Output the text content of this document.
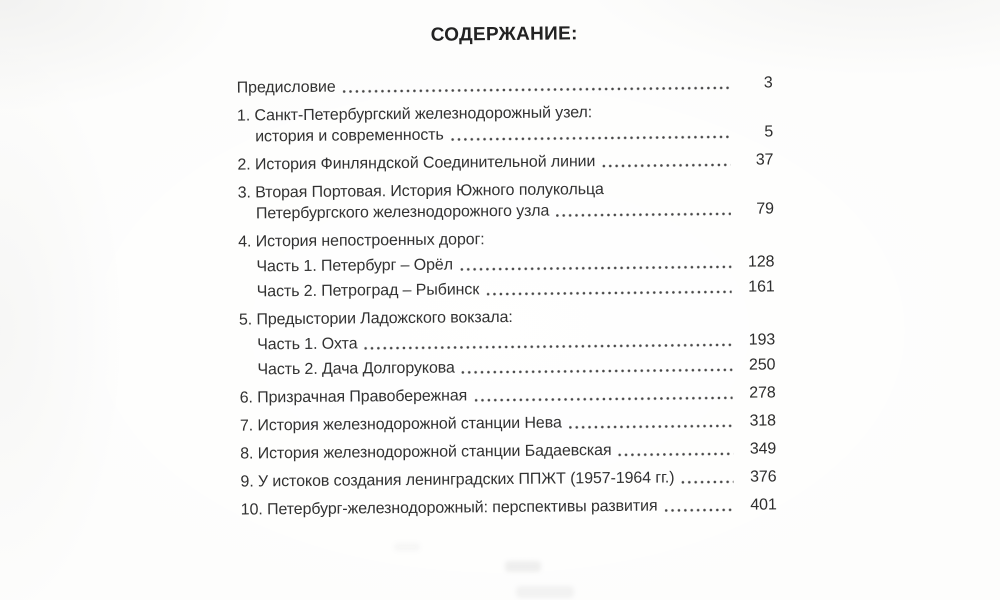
СОДЕРЖАНИЕ:
Предисловие	3
1. Санкт-Петербургский железнодорожный узел:
история и современность	5
2. История Финляндской Соединительной линии	37
3. Вторая Портовая. История Южного полукольца
Петербургского железнодорожного узла	79
4. История непостроенных дорог:
Часть 1. Петербург – Орёл	128
Часть 2. Петроград – Рыбинск	161
5. Предыстории Ладожского вокзала:
Часть 1. Охта	193
Часть 2. Дача Долгорукова	250
6. Призрачная Правобережная	278
7. История железнодорожной станции Нева	318
8. История железнодорожной станции Бадаевская	349
9. У истоков создания ленинградских ППЖТ (1957-1964 гг.)	376
10. Петербург-железнодорожный: перспективы развития	401
